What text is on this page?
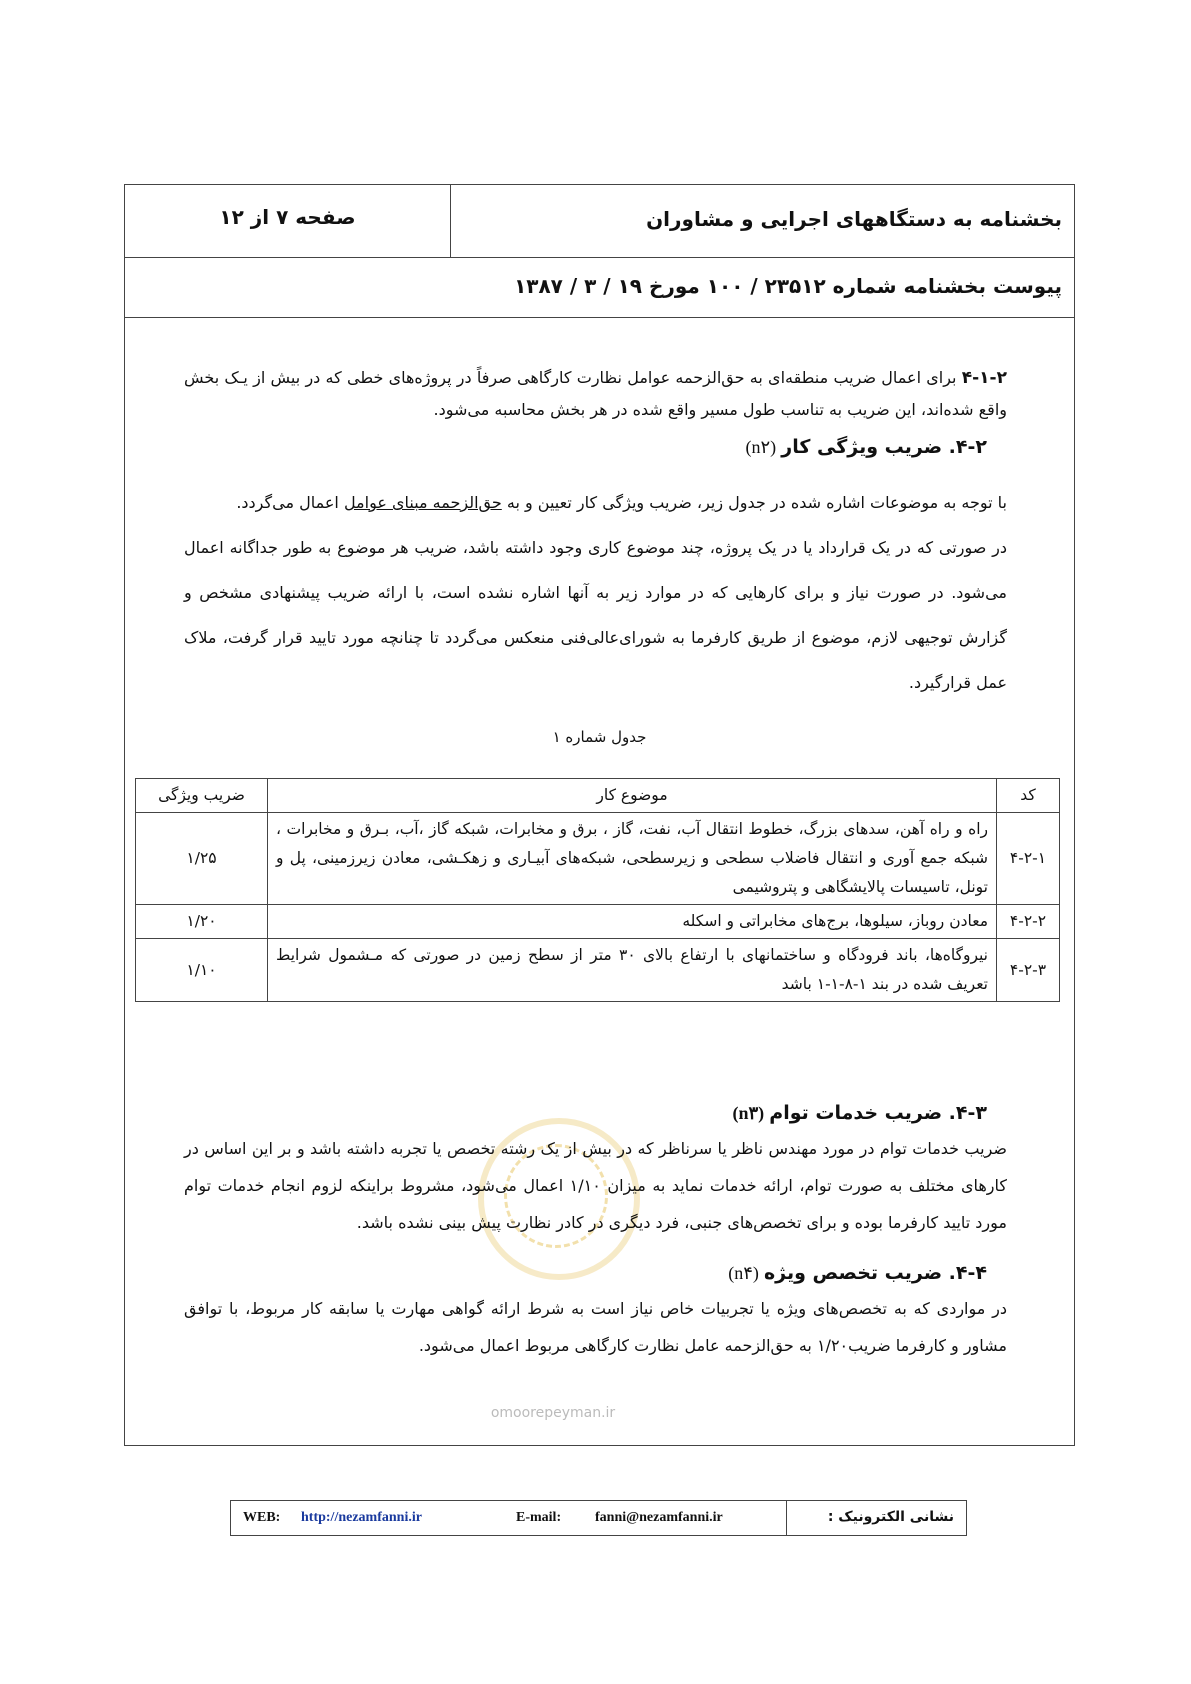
بخشنامه به دستگاههای اجرایی و مشاوران
صفحه ۷ از ۱۲
پیوست بخشنامه شماره ۲۳۵۱۲ / ۱۰۰ مورخ ۱۹ / ۳ / ۱۳۸۷
۴-۱-۲ برای اعمال ضریب منطقه‌ای به حق‌الزحمه عوامل نظارت کارگاهی صرفاً در پروژه‌های خطی که در بیش از یـک بخش واقع شده‌اند، این ضریب به تناسب طول مسیر واقع شده در هر بخش محاسبه می‌شود.
۴-۲. ضریب ویژگی کار (n۲)
با توجه به موضوعات اشاره شده در جدول زیر، ضریب ویژگی کار تعیین و به حق‌الزحمه مبنای عوامل اعمال می‌گردد.
در صورتی که در یک قرارداد یا در یک پروژه، چند موضوع کاری وجود داشته باشد، ضریب هر موضوع به طور جداگانه اعمال می‌شود. در صورت نیاز و برای کارهایی که در موارد زیر به آنها اشاره نشده است، با ارائه ضریب پیشنهادی مشخص و گزارش توجیهی لازم، موضوع از طریق کارفرما به شورای‌عالی‌فنی منعکس می‌گردد تا چنانچه مورد تایید قرار گرفت، ملاک عمل قرارگیرد.
جدول شماره ۱
کد	موضوع کار	ضریب ویژگی
۴-۲-۱	راه و راه آهن، سدهای بزرگ، خطوط انتقال آب، نفت، گاز ، برق و مخابرات، شبکه گاز ،آب، بـرق و مخابرات ، شبکه جمع آوری و انتقال فاضلاب سطحی و زیرسطحی، شبکه‌های آبیـاری و زهکـشی، معادن زیرزمینی، پل و تونل، تاسیسات پالایشگاهی و پتروشیمی	۱/۲۵
۴-۲-۲	معادن روباز، سیلوها، برج‌های مخابراتی و اسکله	۱/۲۰
۴-۲-۳	نیروگاه‌ها، باند فرودگاه و ساختمانهای با ارتفاع بالای ۳۰ متر از سطح زمین در صورتی که مـشمول شرایط تعریف شده در بند ۱-۸-۱-۱ باشد	۱/۱۰
۴-۳. ضریب خدمات توام (n۳)
ضریب خدمات توام در مورد مهندس ناظر یا سرناظر که در بیش از یک رشته تخصص یا تجربه داشته باشد و بر این اساس در کارهای مختلف به صورت توام، ارائه خدمات نماید به میزان ۱/۱۰ اعمال می‌شود، مشروط براینکه لزوم انجام خدمات توام مورد تایید کارفرما بوده و برای تخصص‌های جنبی، فرد دیگری در کادر نظارت پیش بینی نشده باشد.
۴-۴. ضریب تخصص ویژه (n۴)
در مواردی که به تخصص‌های ویژه یا تجربیات خاص نیاز است به شرط ارائه گواهی مهارت یا سابقه کار مربوط، با توافق مشاور و کارفرما ضریب۱/۲۰ به حق‌الزحمه عامل نظارت کارگاهی مربوط اعمال می‌شود.
omoorepeyman.ir
WEB: http://nezamfanni.ir	E-mail: fanni@nezamfanni.ir	نشانی الکترونیک :
